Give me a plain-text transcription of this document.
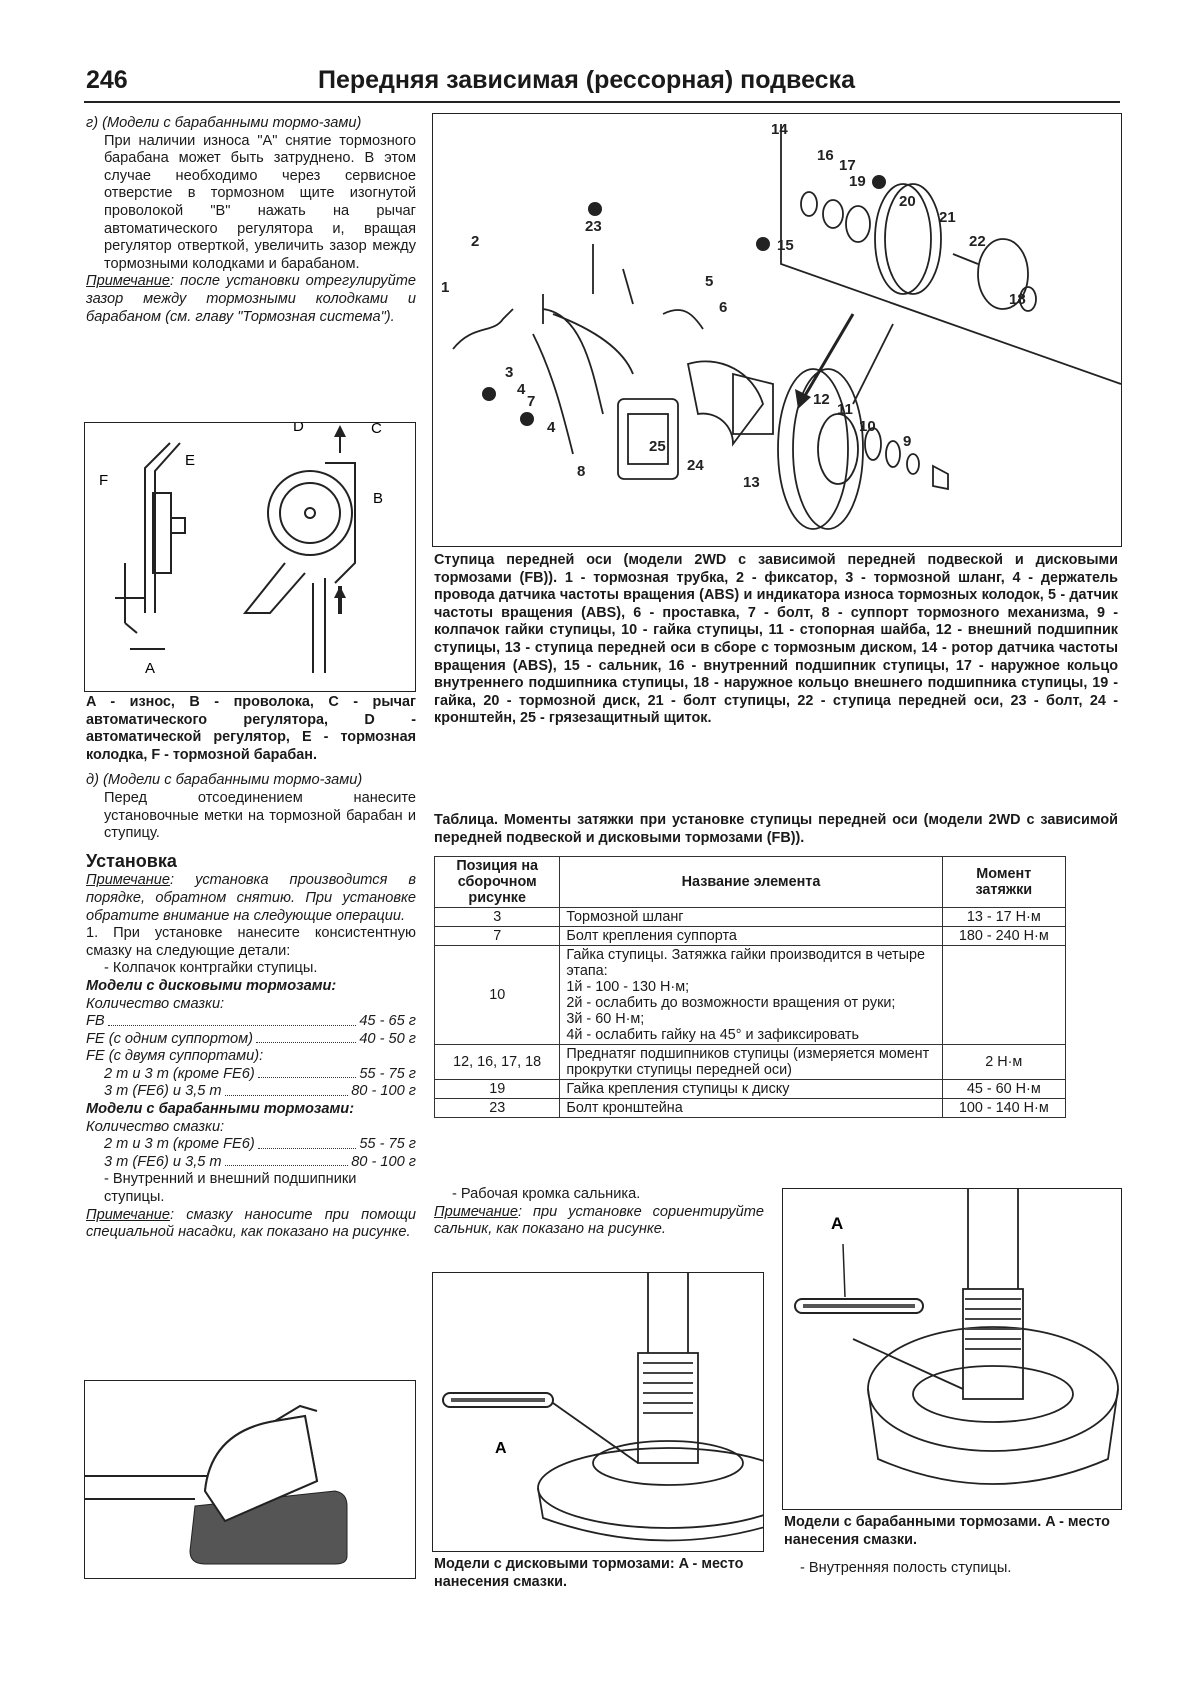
246	Передняя зависимая (рессорная) подвеска

г) (Модели с барабанными тормо-зами)

При наличии износа "A" снятие тормозного барабана может быть затруднено. В этом случае необходимо через сервисное отверстие в тормозном щите изогнутой проволокой "B" нажать на рычаг автоматического регулятора и, вращая регулятор отверткой, увеличить зазор между тормозными колодками и барабаном.

Примечание: после установки отрегулируйте зазор между тормозными колодками и барабаном (см. главу "Тормозная система").

A
B
C
D
E
F

A - износ, B - проволока, C - рычаг автоматического регулятора, D - автоматической регулятор, E - тормозная колодка, F - тормозной барабан.

д) (Модели с барабанными тормо-зами)

Перед отсоединением нанесите установочные метки на тормозной барабан и ступицу.

Установка

Примечание: установка производится в порядке, обратном снятию. При установке обратите внимание на следующие операции.

1. При установке нанесите консистентную смазку на следующие детали:

- Колпачок контргайки ступицы.

Модели с дисковыми тормозами:

Количество смазки:

FB	45 - 65 г
FE (с одним суппортом)	40 - 50 г
FE (с двумя суппортами):
2 т и 3 т (кроме FE6)	55 - 75 г
3 т (FE6) и 3,5 т	80 - 100 г

Модели с барабанными тормозами:

Количество смазки:

2 т и 3 т (кроме FE6)	55 - 75 г
3 т (FE6) и 3,5 т	80 - 100 г

- Внутренний и внешний подшипники ступицы.

Примечание: смазку наносите при помощи специальной насадки, как показано на рисунке.

1
2
3
4
4
5
6
7
8
9
10
11
12
13
14
15
16
17
18
19
20
21
22
23
24
25
Ступица передней оси (модели 2WD с зависимой передней подвеской и дисковыми тормозами (FB)). 1 - тормозная трубка, 2 - фиксатор, 3 - тормозной шланг, 4 - держатель провода датчика частоты вращения (ABS) и индикатора износа тормозных колодок, 5 - датчик частоты вращения (ABS), 6 - проставка, 7 - болт, 8 - суппорт тормозного механизма, 9 - колпачок гайки ступицы, 10 - гайка ступицы, 11 - стопорная шайба, 12 - внешний подшипник ступицы, 13 - ступица передней оси в сборе с тормозным диском, 14 - ротор датчика частоты вращения (ABS), 15 - сальник, 16 - внутренний подшипник ступицы, 17 - наружное кольцо внутреннего подшипника ступицы, 18 - наружное кольцо внешнего подшипника ступицы, 19 - гайка, 20 - тормозной диск, 21 - болт ступицы, 22 - ступица передней оси, 23 - болт, 24 - кронштейн, 25 - грязезащитный щиток.
Таблица. Моменты затяжки при установке ступицы передней оси (модели 2WD с зависимой передней подвеской и дисковыми тормозами (FB)).
Позиция на сборочном рисунке	Название элемента	Момент затяжки
3	Тормозной шланг	13 - 17 Н·м
7	Болт крепления суппорта	180 - 240 Н·м
10	Гайка ступицы. Затяжка гайки производится в четыре этапа:
1й - 100 - 130 Н·м;
2й - ослабить до возможности вращения от руки;
3й - 60 Н·м;
4й - ослабить гайку на 45° и зафиксировать	
12, 16, 17, 18	Преднатяг подшипников ступицы (измеряется момент прокрутки ступицы передней оси)	2 Н·м
19	Гайка крепления ступицы к диску	45 - 60 Н·м
23	Болт кронштейна	100 - 140 Н·м

- Рабочая кромка сальника.

Примечание: при установке сориентируйте сальник, как показано на рисунке.

A
Модели с дисковыми тормозами: A - место нанесения смазки.
A
Модели с барабанными тормозами. A - место нанесения смазки.
- Внутренняя полость ступицы.
